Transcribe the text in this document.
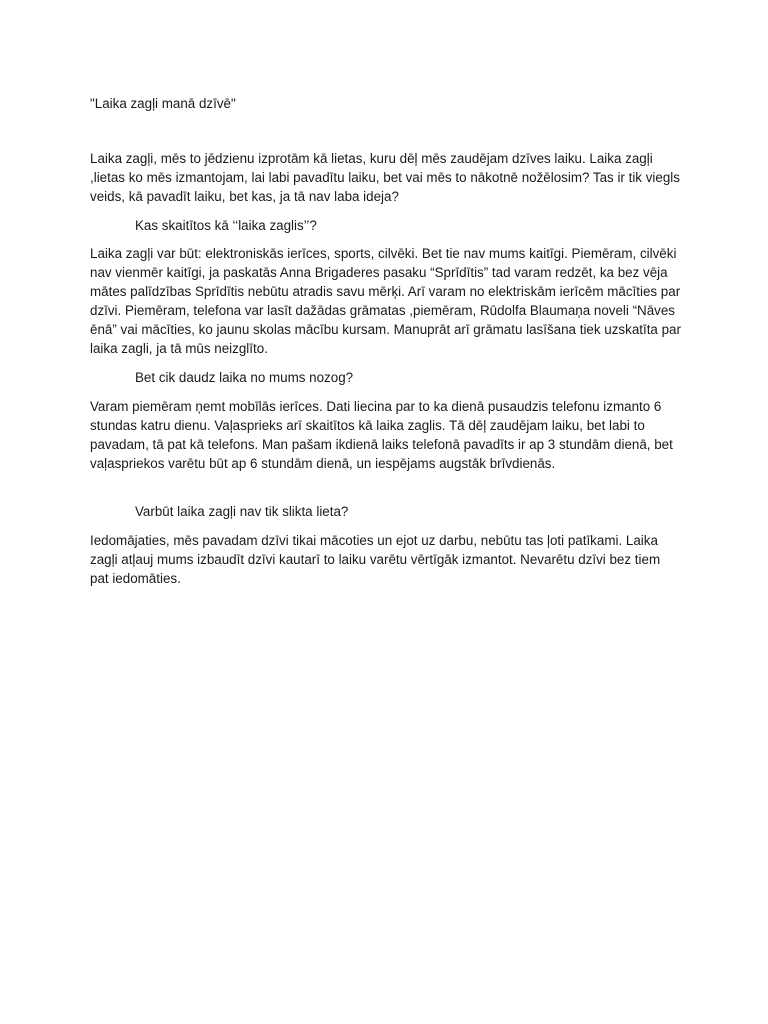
"Laika zagļi manā dzīvē"

Laika zagļi, mēs to jēdzienu izprotām kā lietas, kuru dēļ mēs zaudējam dzīves laiku. Laika zagļi ,lietas ko mēs izmantojam, lai labi pavadītu laiku, bet vai mēs to nākotnē nožēlosim? Tas ir tik viegls veids, kā pavadīt laiku, bet kas, ja tā nav laba ideja?

Kas skaitītos kā ‘‘laika zaglis’’?

Laika zagļi var būt: elektroniskās ierīces, sports, cilvēki. Bet tie nav mums kaitīgi. Piemēram, cilvēki nav vienmēr kaitīgi, ja paskatās Anna Brigaderes pasaku “Sprīdītis” tad varam redzēt, ka bez vēja mātes palīdzības Sprīdītis nebūtu atradis savu mērķi. Arī varam no elektriskām ierīcēm mācīties par dzīvi. Piemēram, telefona var lasīt dažādas grāmatas ,piemēram, Rūdolfa Blaumaņa noveli “Nāves ēnā” vai mācīties, ko jaunu skolas mācību kursam. Manuprāt arī grāmatu lasīšana tiek uzskatīta par laika zagli, ja tā mūs neizglīto.

Bet cik daudz laika no mums nozog?

Varam piemēram ņemt mobīlās ierīces. Dati liecina par to ka dienā pusaudzis telefonu izmanto 6 stundas katru dienu. Vaļasprieks arī skaitītos kā laika zaglis. Tā dēļ zaudējam laiku, bet labi to pavadam, tā pat kā telefons. Man pašam ikdienā laiks telefonā pavadīts ir ap 3 stundām dienā, bet vaļaspriekos varētu būt ap 6 stundām dienā, un iespējams augstāk brīvdienās.

Varbūt laika zagļi nav tik slikta lieta?

Iedomājaties, mēs pavadam dzīvi tikai mācoties un ejot uz darbu, nebūtu tas ļoti patīkami. Laika zagļi atļauj mums izbaudīt dzīvi kautarī to laiku varētu vērtīgāk izmantot. Nevarētu dzīvi bez tiem pat iedomāties.
